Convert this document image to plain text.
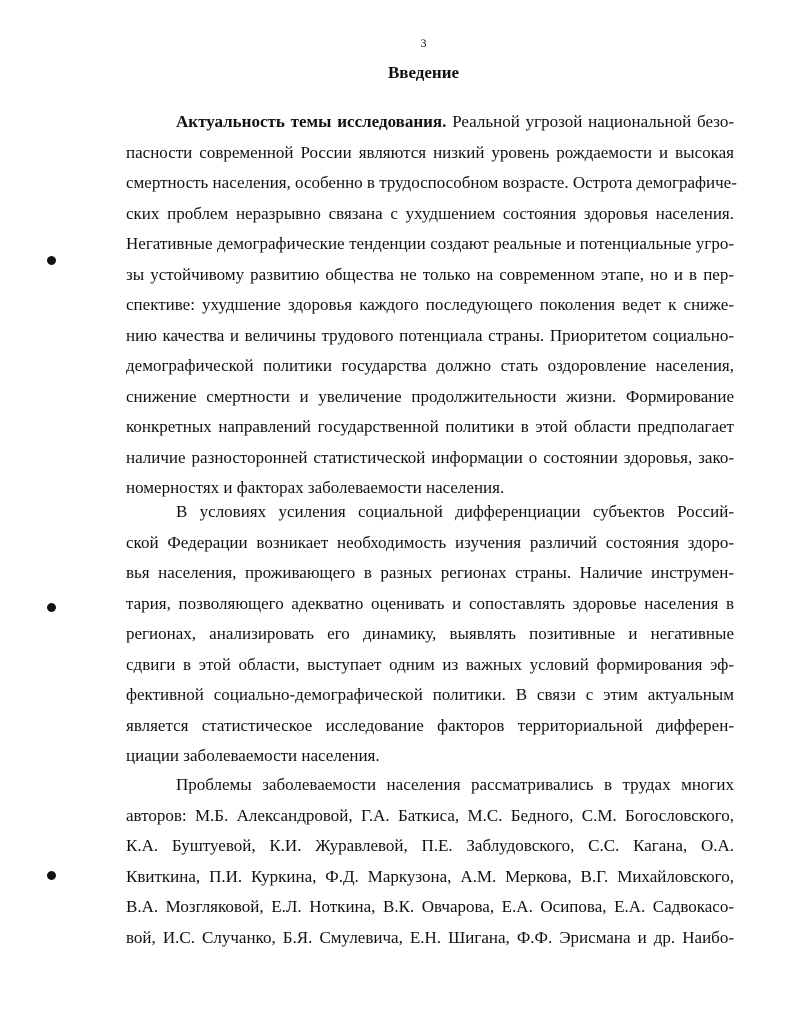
3
Введение
Актуальность темы исследования. Реальной угрозой национальной безо-
пасности современной России являются низкий уровень рождаемости и высокая
смертность населения, особенно в трудоспособном возрасте. Острота демографиче-
ских проблем неразрывно связана с ухудшением состояния здоровья населения.
Негативные демографические тенденции создают реальные и потенциальные угро-
зы устойчивому развитию общества не только на современном этапе, но и в пер-
спективе: ухудшение здоровья каждого последующего поколения ведет к сниже-
нию качества и величины трудового потенциала страны. Приоритетом социально-
демографической политики государства должно стать оздоровление населения,
снижение смертности и увеличение продолжительности жизни. Формирование
конкретных направлений государственной политики в этой области предполагает
наличие разносторонней статистической информации о состоянии здоровья, зако-
номерностях и факторах заболеваемости населения.
В условиях усиления социальной дифференциации субъектов Россий-
ской Федерации возникает необходимость изучения различий состояния здоро-
вья населения, проживающего в разных регионах страны. Наличие инструмен-
тария, позволяющего адекватно оценивать и сопоставлять здоровье населения в
регионах, анализировать его динамику, выявлять позитивные и негативные
сдвиги в этой области, выступает одним из важных условий формирования эф-
фективной социально-демографической политики. В связи с этим актуальным
является статистическое исследование факторов территориальной дифферен-
циации заболеваемости населения.
Проблемы заболеваемости населения рассматривались в трудах многих
авторов: М.Б. Александровой, Г.А. Баткиса, М.С. Бедного, С.М. Богословского,
К.А. Буштуевой, К.И. Журавлевой, П.Е. Заблудовского, С.С. Кагана, О.А.
Квиткина, П.И. Куркина, Ф.Д. Маркузона, А.М. Меркова, В.Г. Михайловского,
В.А. Мозгляковой, Е.Л. Ноткина, В.К. Овчарова, Е.А. Осипова, Е.А. Садвокасо-
вой, И.С. Случанко, Б.Я. Смулевича, Е.Н. Шигана, Ф.Ф. Эрисмана и др. Наибо-
